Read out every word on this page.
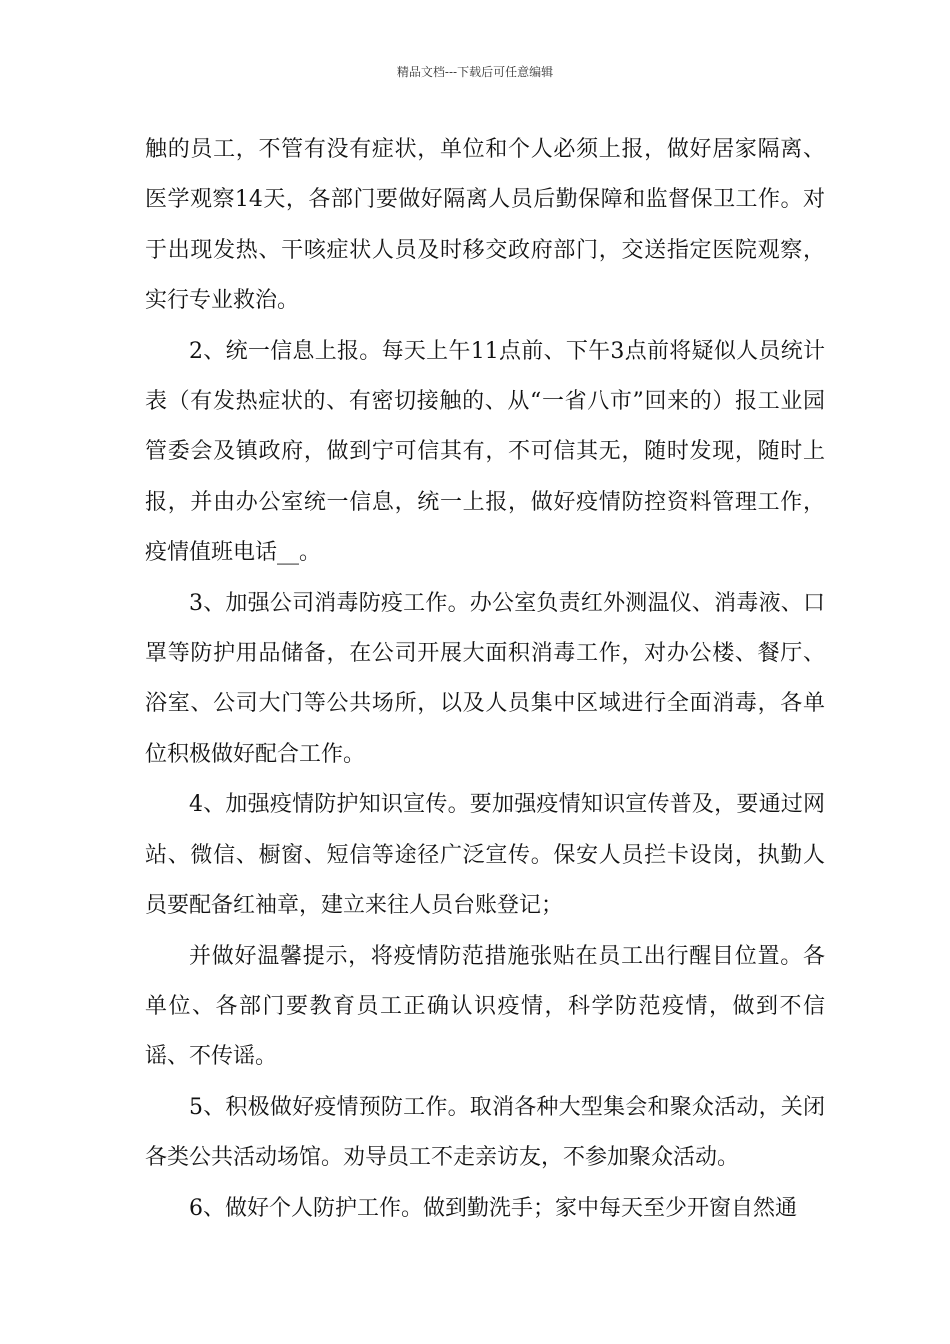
精品文档---下载后可任意编辑

触的员工，不管有没有症状，单位和个人必须上报，做好居家隔离、医学观察14天，各部门要做好隔离人员后勤保障和监督保卫工作。对于出现发热、干咳症状人员及时移交政府部门，交送指定医院观察，实行专业救治。

2、统一信息上报。每天上午11点前、下午3点前将疑似人员统计表（有发热症状的、有密切接触的、从“一省八市”回来的）报工业园管委会及镇政府，做到宁可信其有，不可信其无，随时发现，随时上报，并由办公室统一信息，统一上报，做好疫情防控资料管理工作，疫情值班电话__。

3、加强公司消毒防疫工作。办公室负责红外测温仪、消毒液、口罩等防护用品储备，在公司开展大面积消毒工作，对办公楼、餐厅、浴室、公司大门等公共场所，以及人员集中区域进行全面消毒，各单位积极做好配合工作。

4、加强疫情防护知识宣传。要加强疫情知识宣传普及，要通过网站、微信、橱窗、短信等途径广泛宣传。保安人员拦卡设岗，执勤人员要配备红袖章，建立来往人员台账登记；

并做好温馨提示，将疫情防范措施张贴在员工出行醒目位置。各单位、各部门要教育员工正确认识疫情，科学防范疫情，做到不信谣、不传谣。

5、积极做好疫情预防工作。取消各种大型集会和聚众活动，关闭各类公共活动场馆。劝导员工不走亲访友，不参加聚众活动。

6、做好个人防护工作。做到勤洗手；家中每天至少开窗自然通
